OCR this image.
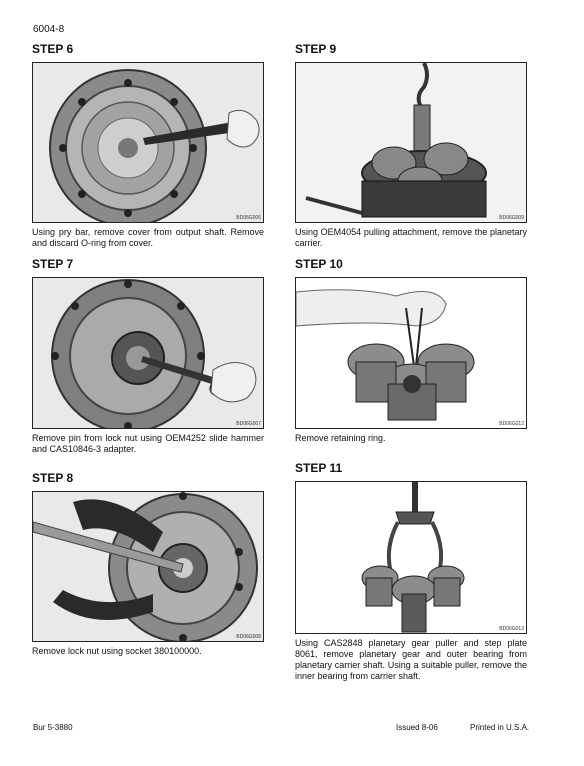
6004-8
STEP 6
BD06G006

Using pry bar, remove cover from output shaft. Remove and discard O-ring from cover.

STEP 7
BD06G007

Remove pin from lock nut using OEM4252 slide hammer and CAS10846-3 adapter.

STEP 8
BD06G008

Remove lock nut using socket 380100000.

STEP 9
BD06G009

Using OEM4054 pulling attachment, remove the planetary carrier.

STEP 10
BD06G012

Remove retaining ring.

STEP 11
BD06G013

Using CAS2848 planetary gear puller and step plate 8061, remove planetary gear and outer bearing from planetary carrier shaft. Using a suitable puller, remove the inner bearing from carrier shaft.

Bur 5-3880	Issued 8-06	Printed in U.S.A.
